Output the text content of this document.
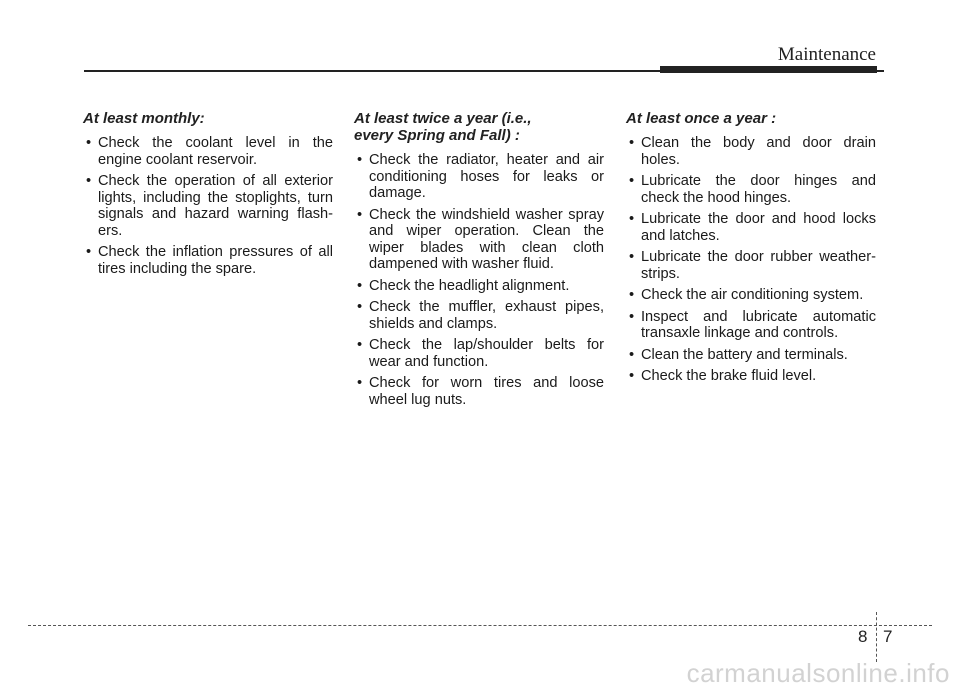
Maintenance
At least monthly:
• Check the coolant level in the engine coolant reservoir.
• Check the operation of all exterior lights, including the stoplights, turn signals and hazard warning flash-ers.
• Check the inflation pressures of all tires including the spare.
At least twice a year (i.e., every Spring and Fall) :
• Check the radiator, heater and air conditioning hoses for leaks or damage.
• Check the windshield washer spray and wiper operation. Clean the wiper blades with clean cloth dampened with washer fluid.
• Check the headlight alignment.
• Check the muffler, exhaust pipes, shields and clamps.
• Check the lap/shoulder belts for wear and function.
• Check for worn tires and loose wheel lug nuts.
At least once a year :
• Clean the body and door drain holes.
• Lubricate the door hinges and check the hood hinges.
• Lubricate the door and hood locks and latches.
• Lubricate the door rubber weather-strips.
• Check the air conditioning system.
• Inspect and lubricate automatic transaxle linkage and controls.
• Clean the battery and terminals.
• Check the brake fluid level.
8 7
carmanualsonline.info
